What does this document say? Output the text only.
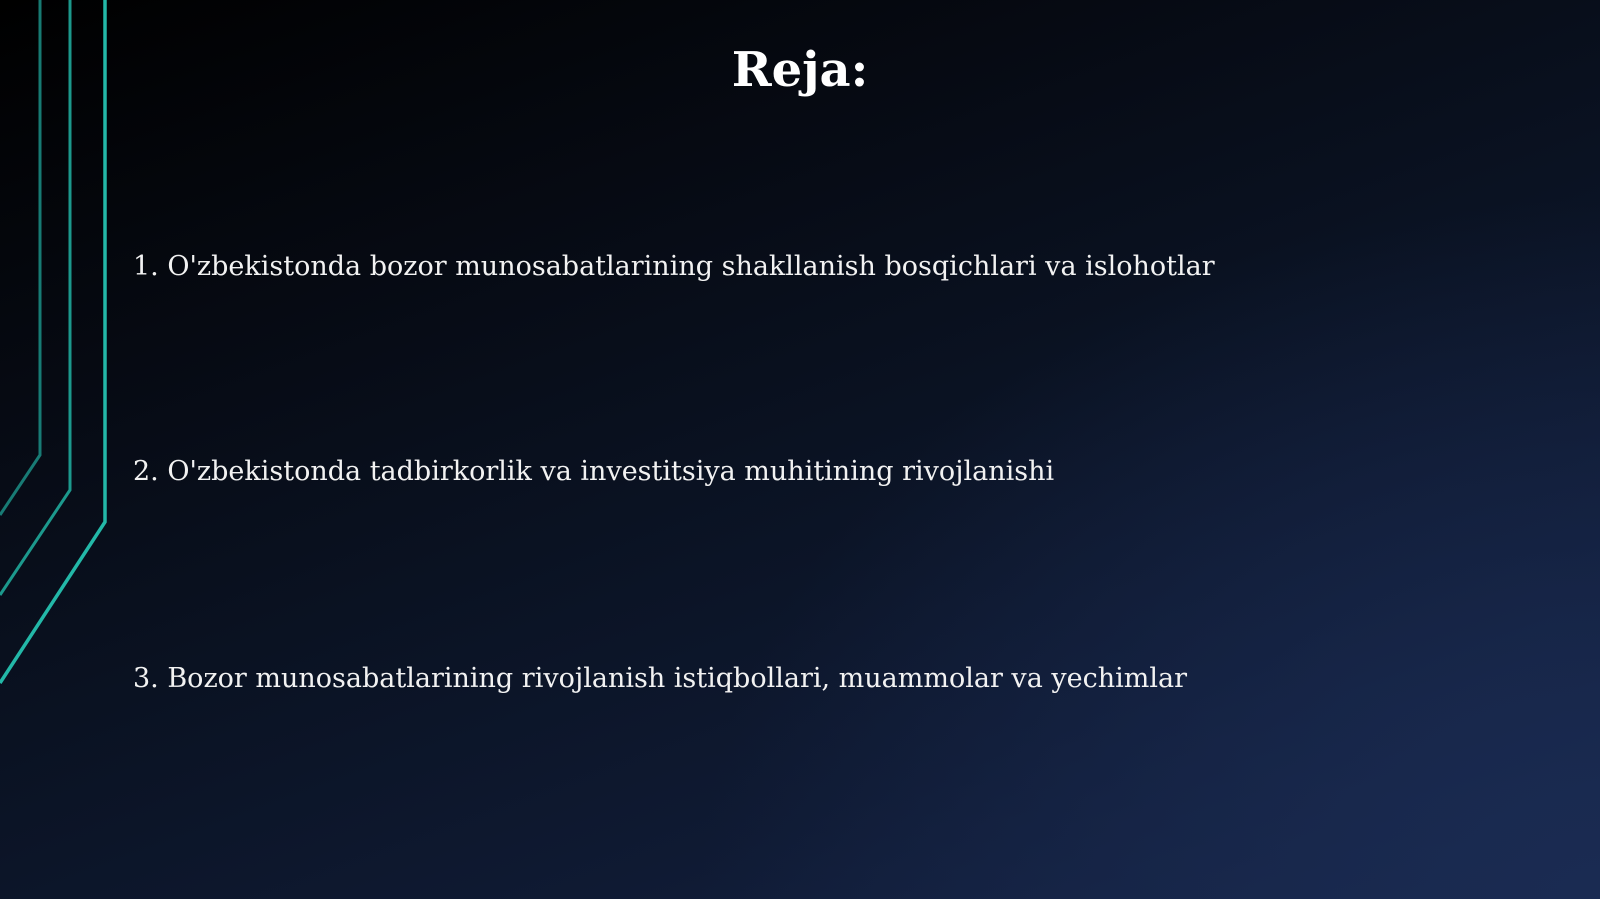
Reja:

1. O'zbekistonda bozor munosabatlarining shakllanish bosqichlari va islohotlar

2. O'zbekistonda tadbirkorlik va investitsiya muhitining rivojlanishi

3. Bozor munosabatlarining rivojlanish istiqbollari, muammolar va yechimlar
